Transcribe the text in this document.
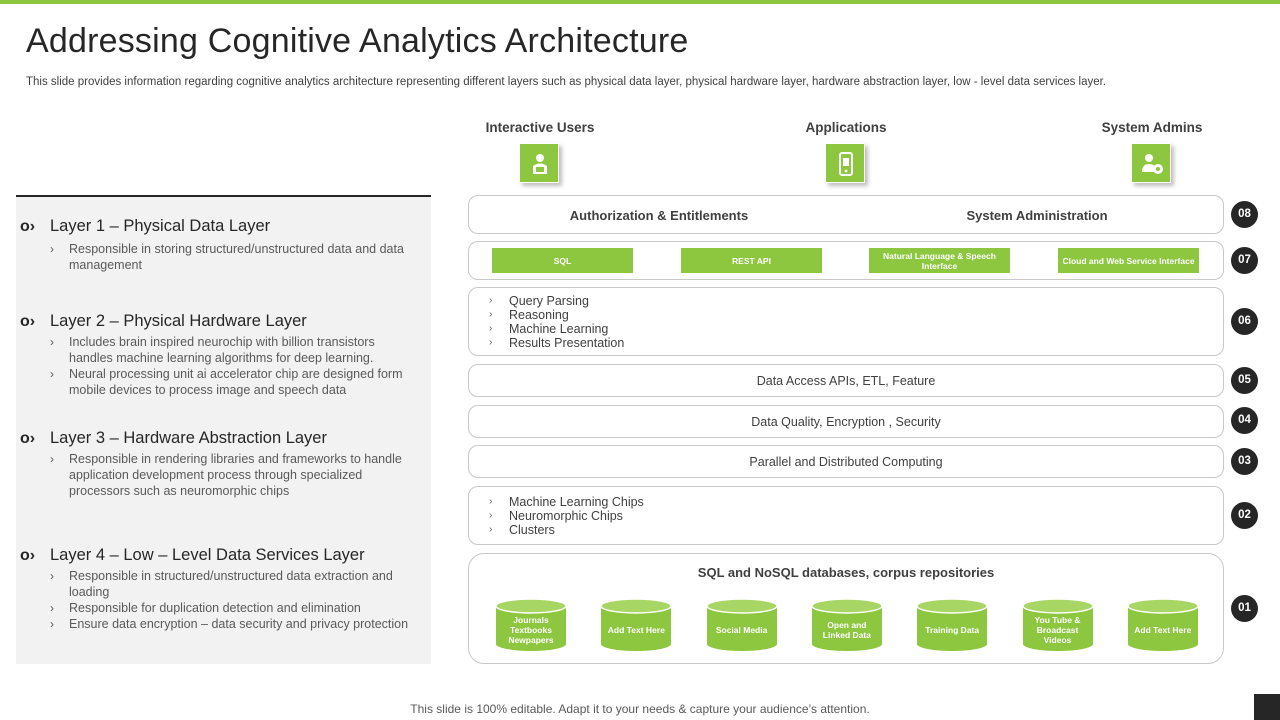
Addressing Cognitive Analytics Architecture
This slide provides information regarding cognitive analytics architecture representing different layers such as physical data layer, physical hardware layer, hardware abstraction layer, low - level data services layer.
o› Layer 1 – Physical Data Layer
› Responsible in storing structured/unstructured data and data management
o› Layer 2 – Physical Hardware Layer
› Includes brain inspired neurochip with billion transistors handles machine learning algorithms for deep learning.
› Neural processing unit ai accelerator chip are designed form mobile devices to process image and speech data
o› Layer 3 – Hardware Abstraction Layer
› Responsible in rendering libraries and frameworks to handle application development process through specialized processors such as neuromorphic chips
o› Layer 4 – Low – Level Data Services Layer
› Responsible in structured/unstructured data extraction and loading
› Responsible for duplication detection and elimination
› Ensure data encryption – data security and privacy protection
Interactive Users	Applications	System Admins
Authorization & Entitlements	System Administration	08
SQL	REST API	Natural Language & Speech Interface	Cloud and Web Service Interface	07
› Query Parsing
› Reasoning
› Machine Learning
› Results Presentation
06
Data Access APIs, ETL, Feature	05
Data Quality, Encryption , Security	04
Parallel and Distributed Computing	03
› Machine Learning Chips
› Neuromorphic Chips
› Clusters
02
SQL and NoSQL databases, corpus repositories
01
Journals Textbooks Newpapers
Add Text Here	Social Media	Open and Linked Data	Training Data
You Tube & Broadcast Videos
Add Text Here
This slide is 100% editable. Adapt it to your needs & capture your audience’s attention.
